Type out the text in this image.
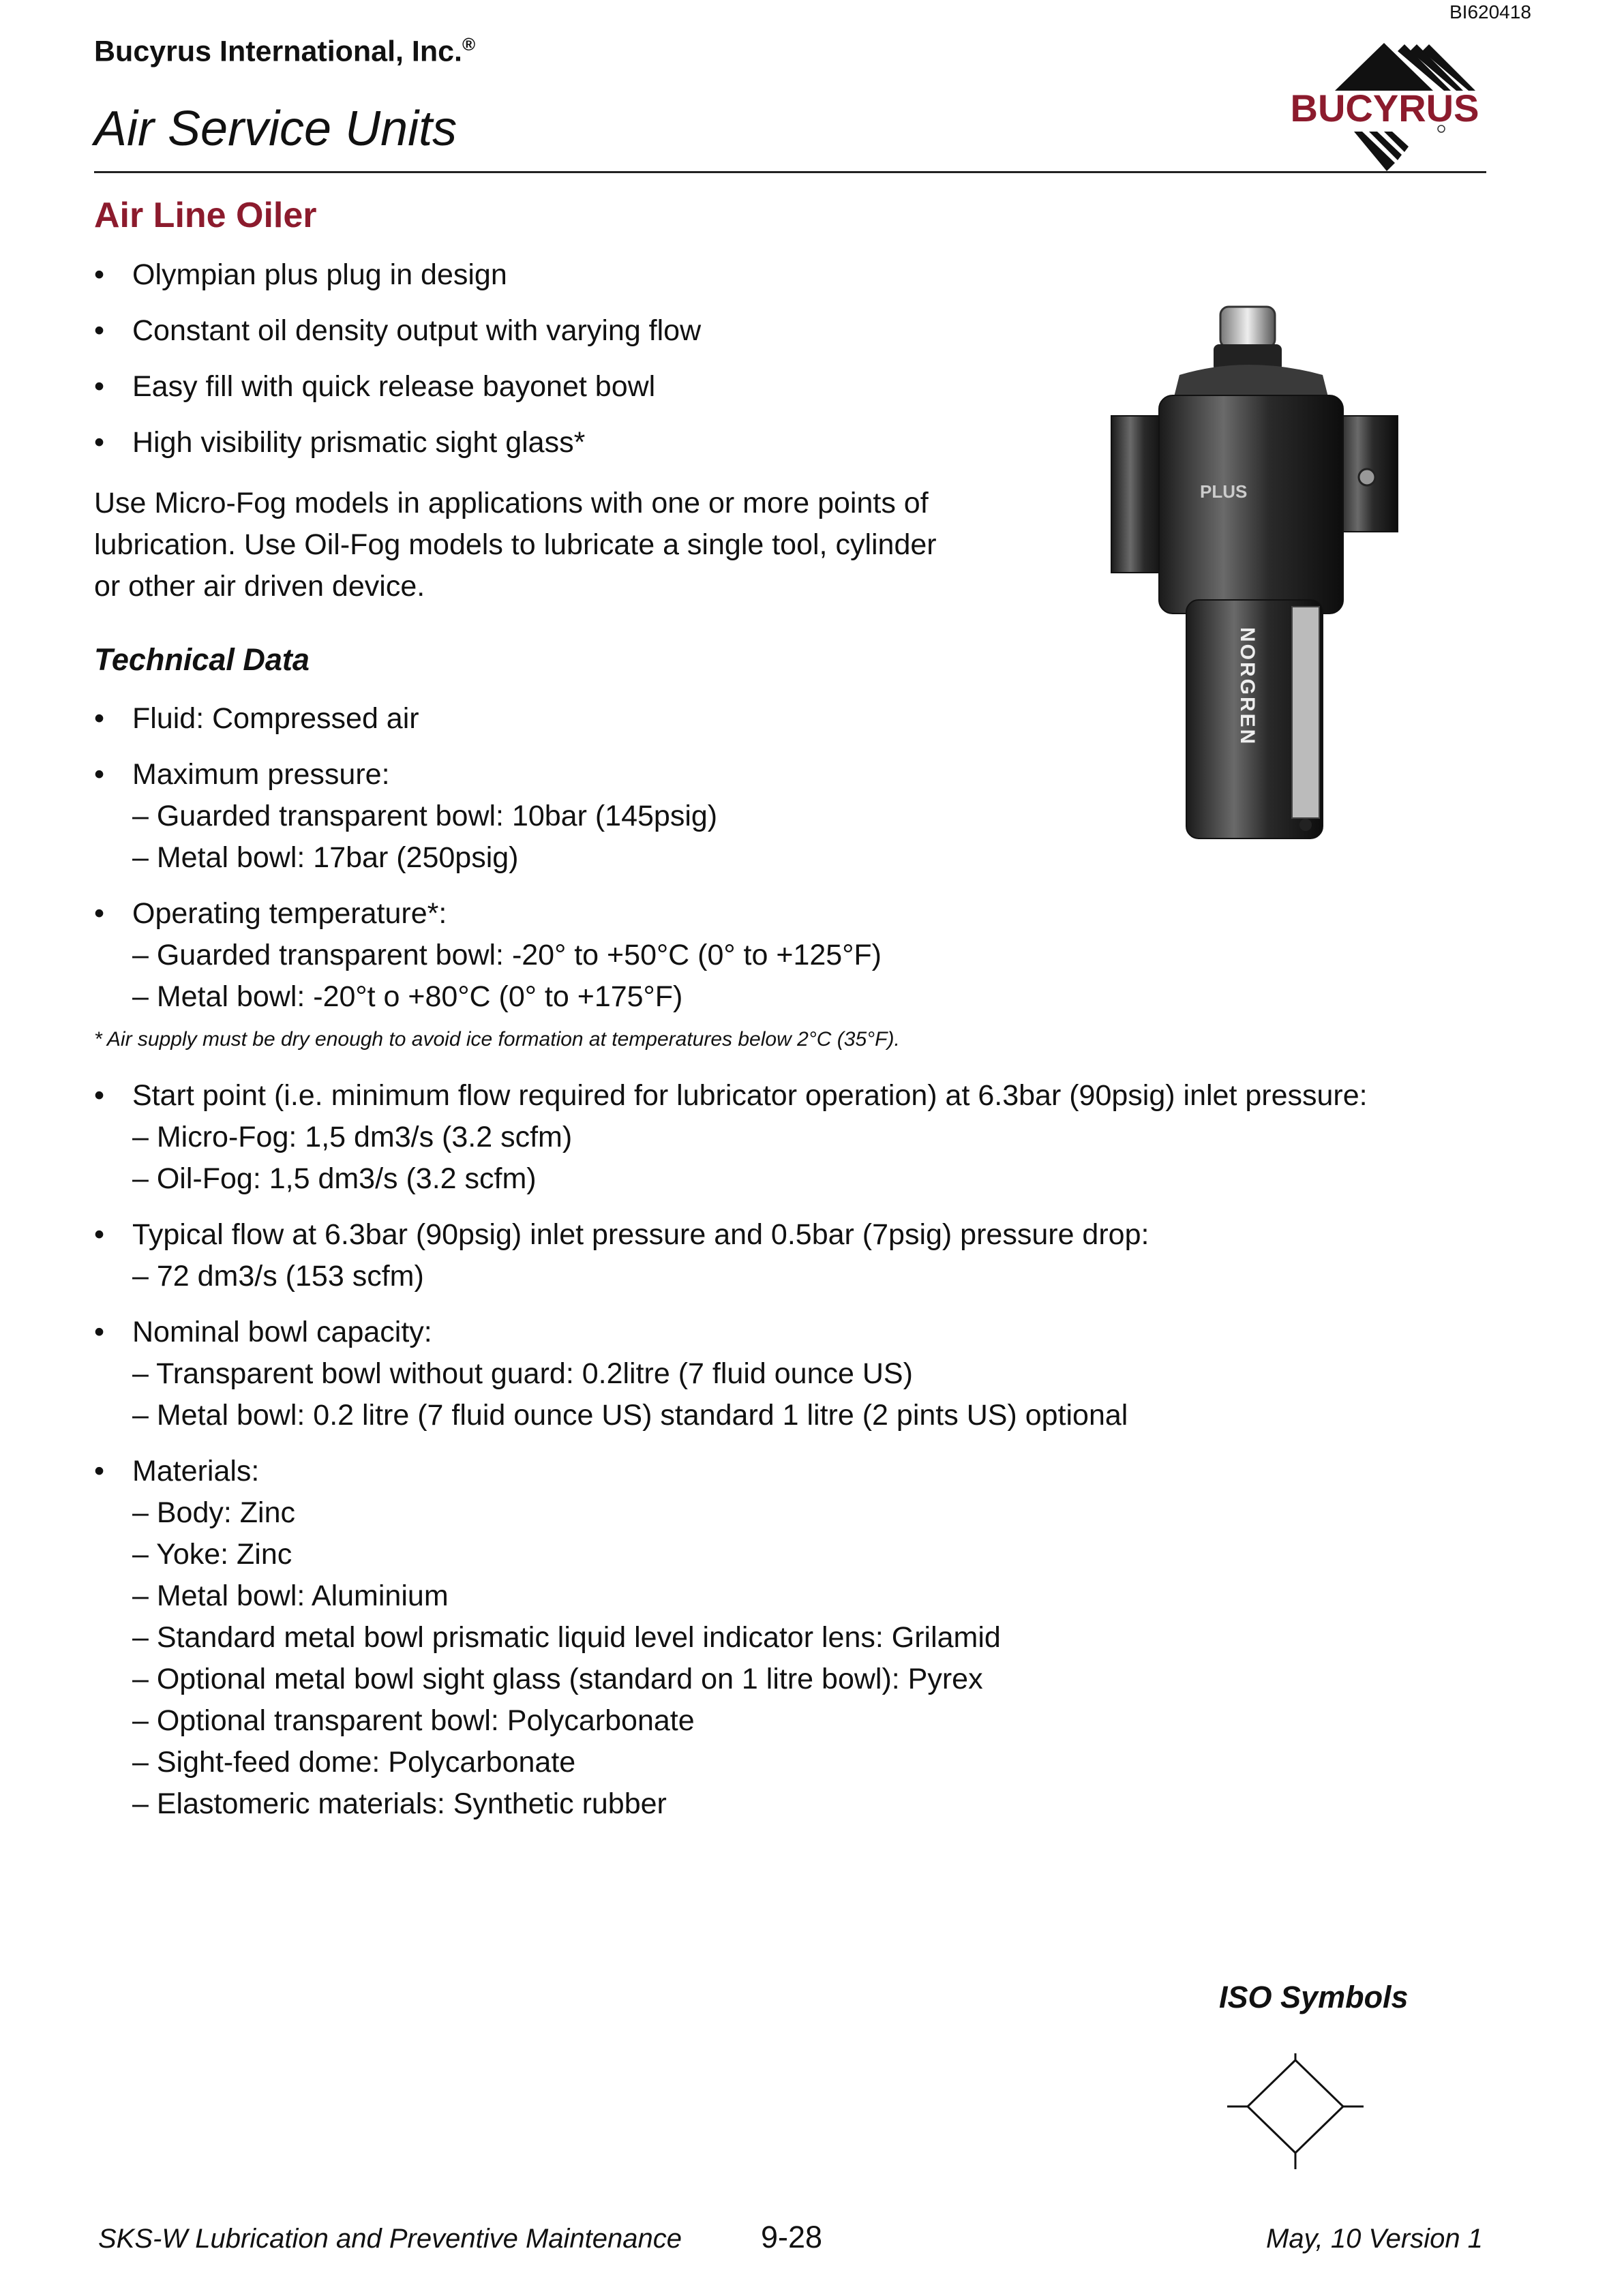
BI620418
Bucyrus International, Inc.®
Air Service Units	BUCYRUS
Air Line Oiler
• Olympian plus plug in design
• Constant oil density output with varying flow
• Easy fill with quick release bayonet bowl
• High visibility prismatic sight glass*
Use Micro-Fog models in applications with one or more points of
lubrication. Use Oil-Fog models to lubricate a single tool, cylinder
or other air driven device.
Technical Data
• Fluid: Compressed air
• Maximum pressure:
– Guarded transparent bowl: 10bar (145psig)
– Metal bowl: 17bar (250psig)
• Operating temperature*:
– Guarded transparent bowl: -20° to +50°C (0° to +125°F)
– Metal bowl: -20°t o +80°C (0° to +175°F)
* Air supply must be dry enough to avoid ice formation at temperatures below 2°C (35°F).
• Start point (i.e. minimum flow required for lubricator operation) at 6.3bar (90psig) inlet pressure:
– Micro-Fog: 1,5 dm3/s (3.2 scfm)
– Oil-Fog: 1,5 dm3/s (3.2 scfm)
• Typical flow at 6.3bar (90psig) inlet pressure and 0.5bar (7psig) pressure drop:
– 72 dm3/s (153 scfm)
• Nominal bowl capacity:
– Transparent bowl without guard: 0.2litre (7 fluid ounce US)
– Metal bowl: 0.2 litre (7 fluid ounce US) standard 1 litre (2 pints US) optional
• Materials:
– Body: Zinc
– Yoke: Zinc
– Metal bowl: Aluminium
– Standard metal bowl prismatic liquid level indicator lens: Grilamid
– Optional metal bowl sight glass (standard on 1 litre bowl): Pyrex
– Optional transparent bowl: Polycarbonate
– Sight-feed dome: Polycarbonate
– Elastomeric materials: Synthetic rubber
PLUS
NORGREN
ISO Symbols
SKS-W Lubrication and Preventive Maintenance	9-28	May, 10 Version 1
